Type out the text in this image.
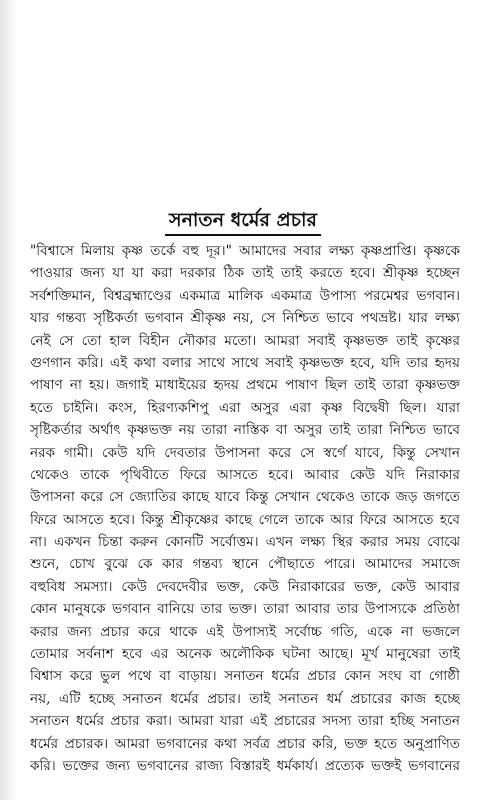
সনাতন ধর্মের প্রচার
"বিশ্বাসে মিলায় কৃষ্ণ তর্কে বহু দূর।" আমাদের সবার লক্ষ্য কৃষ্ণপ্রাপ্তি। কৃষ্ণকে
পাওয়ার জন্য যা যা করা দরকার ঠিক তাই তাই করতে হবে। শ্রীকৃষ্ণ হচ্ছেন
সর্বশক্তিমান, বিশ্বব্রহ্মাণ্ডের একমাত্র মালিক একমাত্র উপাস্য পরমেশ্বর ভগবান।
যার গন্তব্য সৃষ্টিকর্তা ভগবান শ্রীকৃষ্ণ নয়, সে নিশ্চিত ভাবে পথভ্রষ্ট। যার লক্ষ্য
নেই সে তো হাল বিহীন নৌকার মতো। আমরা সবাই কৃষ্ণভক্ত তাই কৃষ্ণের
গুণগান করি। এই কথা বলার সাথে সাথে সবাই কৃষ্ণভক্ত হবে, যদি তার হৃদয়
পাষাণ না হয়। জগাই মাধাইয়ের হৃদয় প্রথমে পাষাণ ছিল তাই তারা কৃষ্ণভক্ত
হতে চাইনি। কংস, হিরণ্যকশিপু এরা অসুর এরা কৃষ্ণ বিদ্বেষী ছিল। যারা
সৃষ্টিকর্তার অর্থাৎ কৃষ্ণভক্ত নয় তারা নাস্তিক বা অসুর তাই তারা নিশ্চিত ভাবে
নরক গামী। কেউ যদি দেবতার উপাসনা করে সে স্বর্গে যাবে, কিন্তু সেখান
থেকেও তাকে পৃথিবীতে ফিরে আসতে হবে। আবার কেউ যদি নিরাকার
উপাসনা করে সে জ্যোতির কাছে যাবে কিন্তু সেখান থেকেও তাকে জড় জগতে
ফিরে আসতে হবে। কিন্তু শ্রীকৃষ্ণের কাছে গেলে তাকে আর ফিরে আসতে হবে
না। একখন চিন্তা করুন কোনটি সর্বোত্তম। এখন লক্ষ্য স্থির করার সময় বোঝে
শুনে, চোখ বুঝে কে কার গন্তব্য স্থানে পৌছাতে পারে। আমাদের সমাজে
বহুবিধ সমস্যা। কেউ দেবদেবীর ভক্ত, কেউ নিরাকারের ভক্ত, কেউ আবার
কোন মানুষকে ভগবান বানিয়ে তার ভক্ত। তারা আবার তার উপাস্যকে প্রতিষ্ঠা
করার জন্য প্রচার করে থাকে এই উপাস্যই সর্বোচ্চ গতি, একে না ভজলে
তোমার সর্বনাশ হবে এর অনেক অলৌকিক ঘটনা আছে। মূর্খ মানুষেরা তাই
বিশ্বাস করে ভুল পথে বা বাড়ায়। সনাতন ধর্মের প্রচার কোন সংঘ বা গোষ্ঠী
নয়, এটি হচ্ছে সনাতন ধর্মের প্রচার। তাই সনাতন ধর্ম প্রচারের কাজ হচ্ছে
সনাতন ধর্মের প্রচার করা। আমরা যারা এই প্রচারের সদস্য তারা হচ্ছি সনাতন
ধর্মের প্রচারক। আমরা ভগবানের কথা সর্বত্র প্রচার করি, ভক্ত হতে অনুপ্রাণিত
করি। ভক্তের জন্য ভগবানের রাজ্য বিস্তারই ধর্মকার্য। প্রত্যেক ভক্তই ভগবানের
